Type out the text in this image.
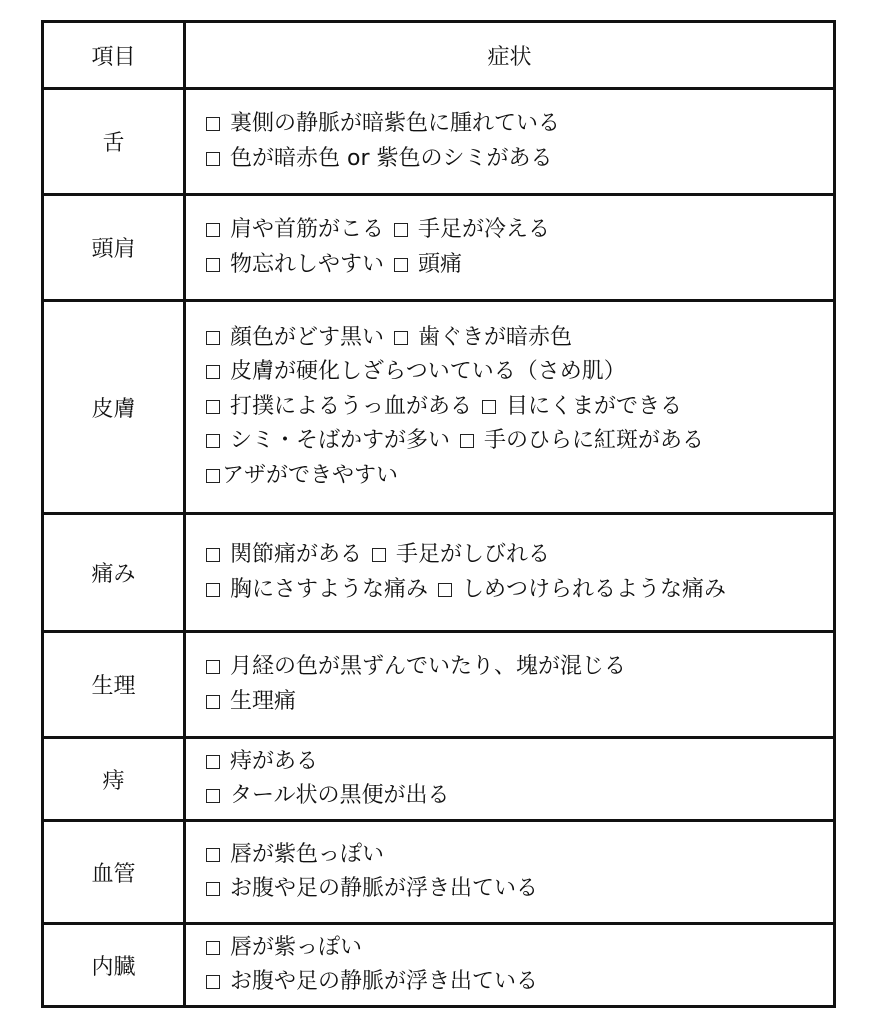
項目	症状
舌	裏側の静脈が暗紫色に腫れている
色が暗赤色 or 紫色のシミがある

頭肩	肩や首筋がこる 手足が冷える
物忘れしやすい 頭痛

皮膚	顔色がどす黒い 歯ぐきが暗赤色
皮膚が硬化しざらついている（さめ肌）
打撲によるうっ血がある 目にくまができる
シミ・そばかすが多い 手のひらに紅斑がある
アザができやすい

痛み	関節痛がある 手足がしびれる
胸にさすような痛み しめつけられるような痛み

生理	月経の色が黒ずんでいたり、塊が混じる
生理痛

痔	痔がある
タール状の黒便が出る

血管	唇が紫色っぽい
お腹や足の静脈が浮き出ている

内臓	唇が紫っぽい
お腹や足の静脈が浮き出ている
